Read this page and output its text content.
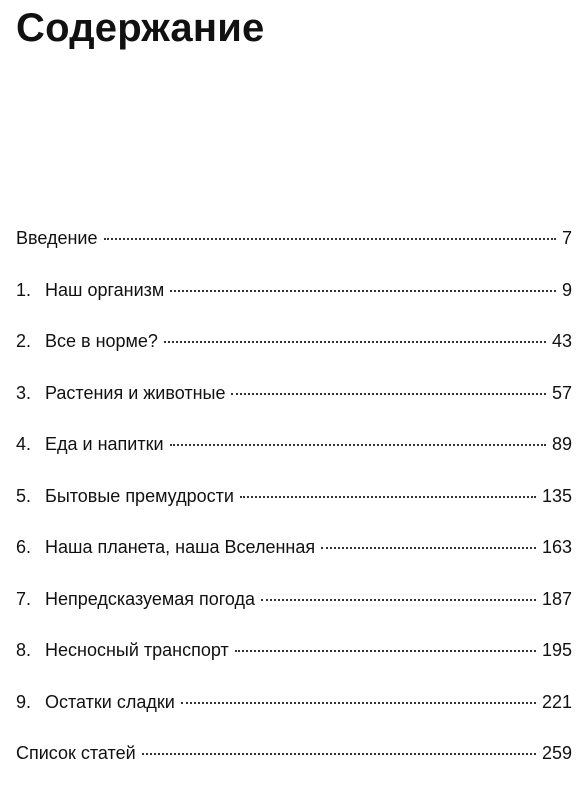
Содержание
Введение	7
1. Наш организм	9
2. Все в норме?	43
3. Растения и животные	57
4. Еда и напитки	89
5. Бытовые премудрости	135
6. Наша планета, наша Вселенная	163
7. Непредсказуемая погода	187
8. Несносный транспорт	195
9. Остатки сладки	221
Список статей	259
